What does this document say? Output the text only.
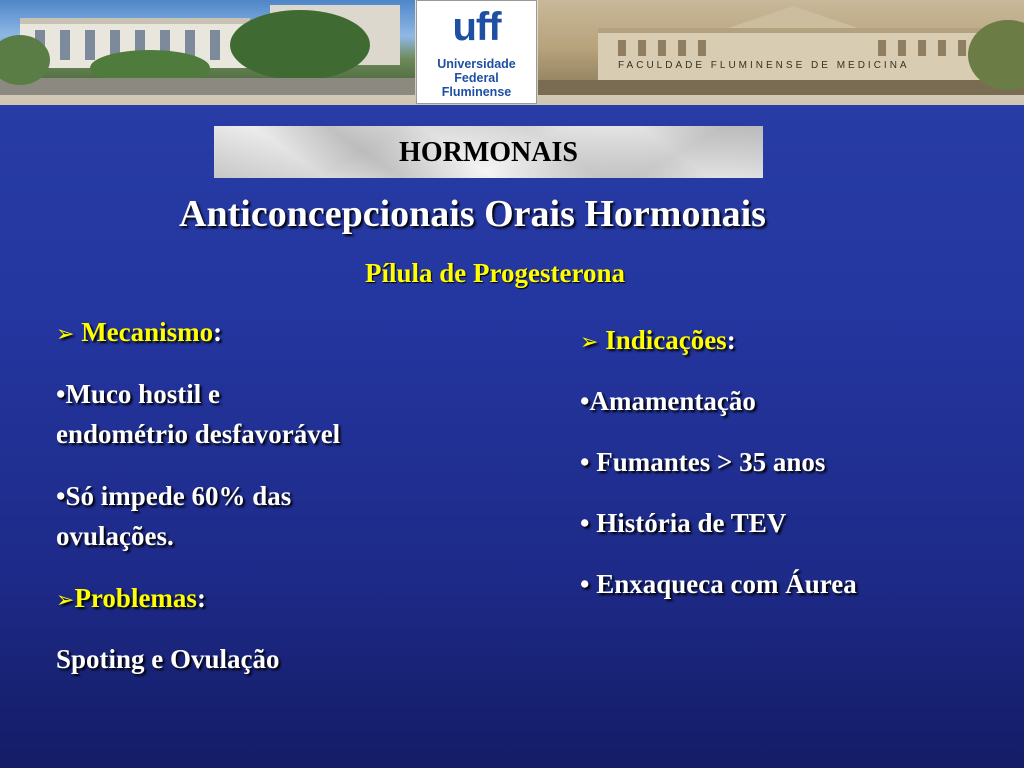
uff
Universidade
Federal
Fluminense
FACULDADE FLUMINENSE DE MEDICINA
HORMONAIS
Anticoncepcionais Orais Hormonais
Pílula de Progesterona
➢ Mecanismo:
•Muco hostil e
endométrio desfavorável
•Só impede 60% das
ovulações.
➢Problemas:
Spoting e Ovulação
➢ Indicações:
•Amamentação
• Fumantes > 35 anos
• História de TEV
• Enxaqueca com Áurea
